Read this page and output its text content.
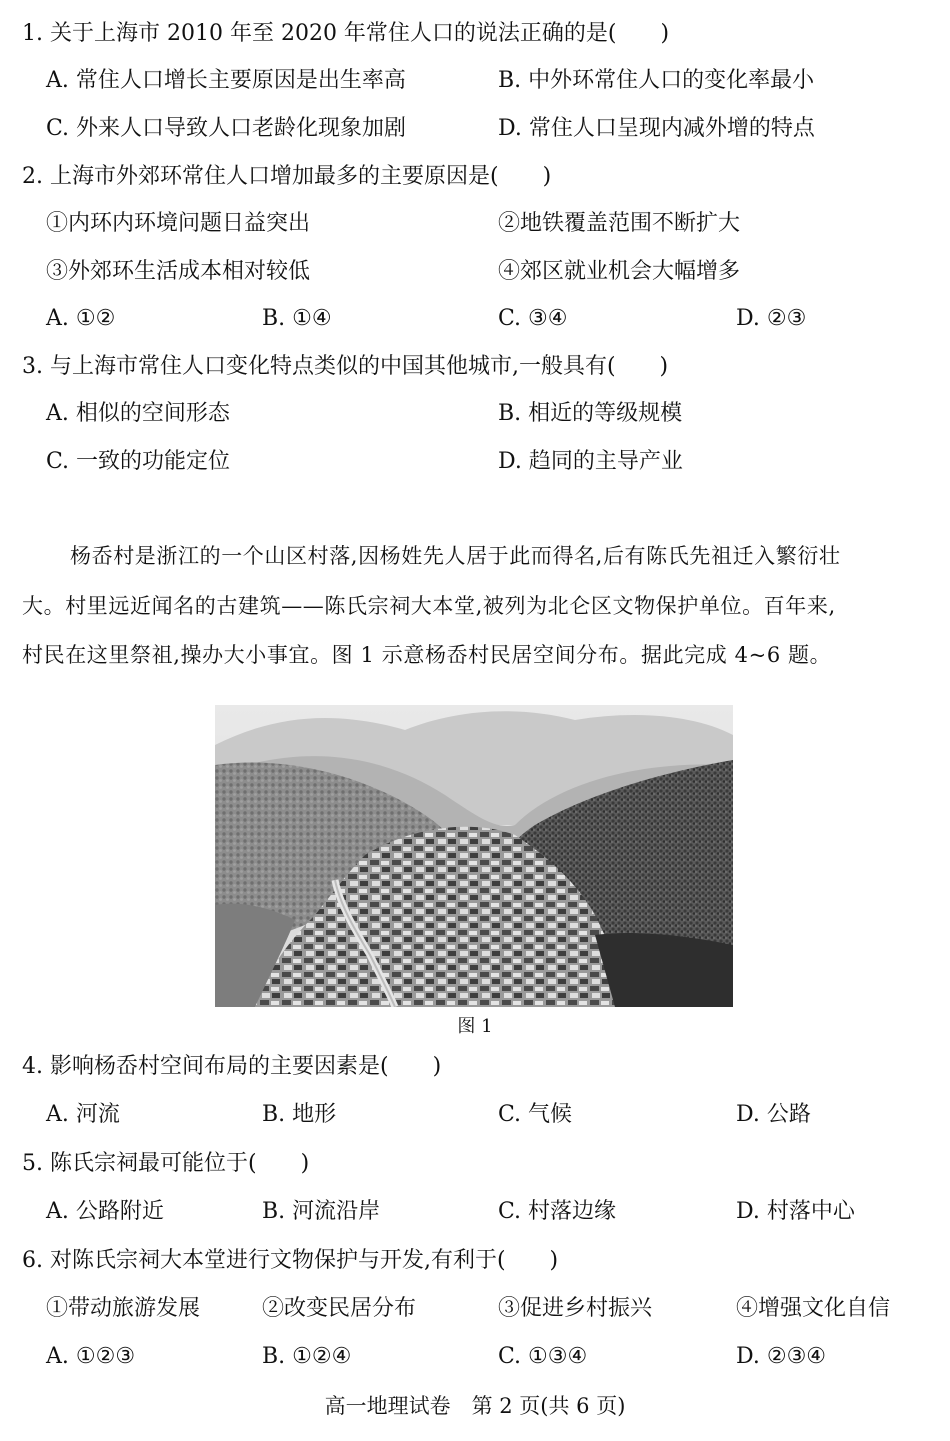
1. 关于上海市 2010 年至 2020 年常住人口的说法正确的是(　　)
A. 常住人口增长主要原因是出生率高	B. 中外环常住人口的变化率最小
C. 外来人口导致人口老龄化现象加剧	D. 常住人口呈现内减外增的特点
2. 上海市外郊环常住人口增加最多的主要原因是(　　)
①内环内环境问题日益突出	②地铁覆盖范围不断扩大
③外郊环生活成本相对较低	④郊区就业机会大幅增多
A. ①②	B. ①④	C. ③④	D. ②③
3. 与上海市常住人口变化特点类似的中国其他城市,一般具有(　　)
A. 相似的空间形态	B. 相近的等级规模
C. 一致的功能定位	D. 趋同的主导产业
杨岙村是浙江的一个山区村落,因杨姓先人居于此而得名,后有陈氏先祖迁入繁衍壮
大。村里远近闻名的古建筑——陈氏宗祠大本堂,被列为北仑区文物保护单位。百年来,
村民在这里祭祖,操办大小事宜。图 1 示意杨岙村民居空间分布。据此完成 4~6 题。
图 1
4. 影响杨岙村空间布局的主要因素是(　　)
A. 河流	B. 地形	C. 气候	D. 公路
5. 陈氏宗祠最可能位于(　　)
A. 公路附近	B. 河流沿岸	C. 村落边缘	D. 村落中心
6. 对陈氏宗祠大本堂进行文物保护与开发,有利于(　　)
①带动旅游发展	②改变民居分布	③促进乡村振兴	④增强文化自信
A. ①②③	B. ①②④	C. ①③④	D. ②③④
高一地理试卷　第 2 页(共 6 页)
